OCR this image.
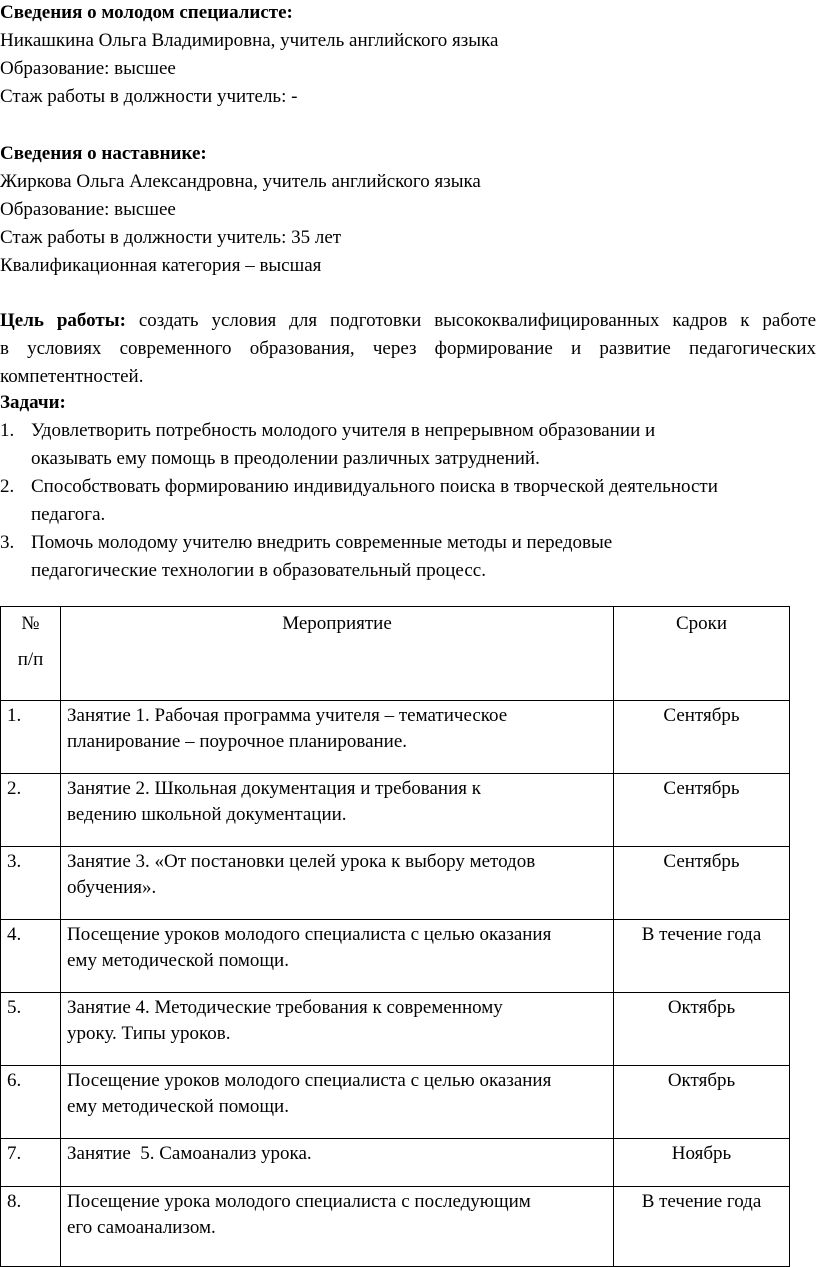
Сведения о молодом специалисте:
Никашкина Ольга Владимировна, учитель английского языка
Образование: высшее
Стаж работы в должности учитель: -
Сведения о наставнике:
Жиркова Ольга Александровна, учитель английского языка
Образование: высшее
Стаж работы в должности учитель: 35 лет
Квалификационная категория – высшая
Цель работы: создать условия для подготовки высококвалифицированных кадров к работе
в условиях современного образования, через формирование и развитие педагогических
компетентностей.
Задачи:
1. Удовлетворить потребность молодого учителя в непрерывном образовании и
оказывать ему помощь в преодолении различных затруднений.
2. Способствовать формированию индивидуального поиска в творческой деятельности
педагога.
3. Помочь молодому учителю внедрить современные методы и передовые
педагогические технологии в образовательный процесс.
№
п/п	Мероприятие	Сроки
1.	Занятие 1. Рабочая программа учителя – тематическое
планирование – поурочное планирование.	Сентябрь
2.	Занятие 2. Школьная документация и требования к
ведению школьной документации.	Сентябрь
3.	Занятие 3. «От постановки целей урока к выбору методов
обучения».	Сентябрь
4.	Посещение уроков молодого специалиста с целью оказания
ему методической помощи.	В течение года
5.	Занятие 4. Методические требования к современному
уроку. Типы уроков.	Октябрь
6.	Посещение уроков молодого специалиста с целью оказания
ему методической помощи.	Октябрь
7.	Занятие  5. Самоанализ урока.	Ноябрь
8.	Посещение урока молодого специалиста с последующим
его самоанализом.	В течение года
